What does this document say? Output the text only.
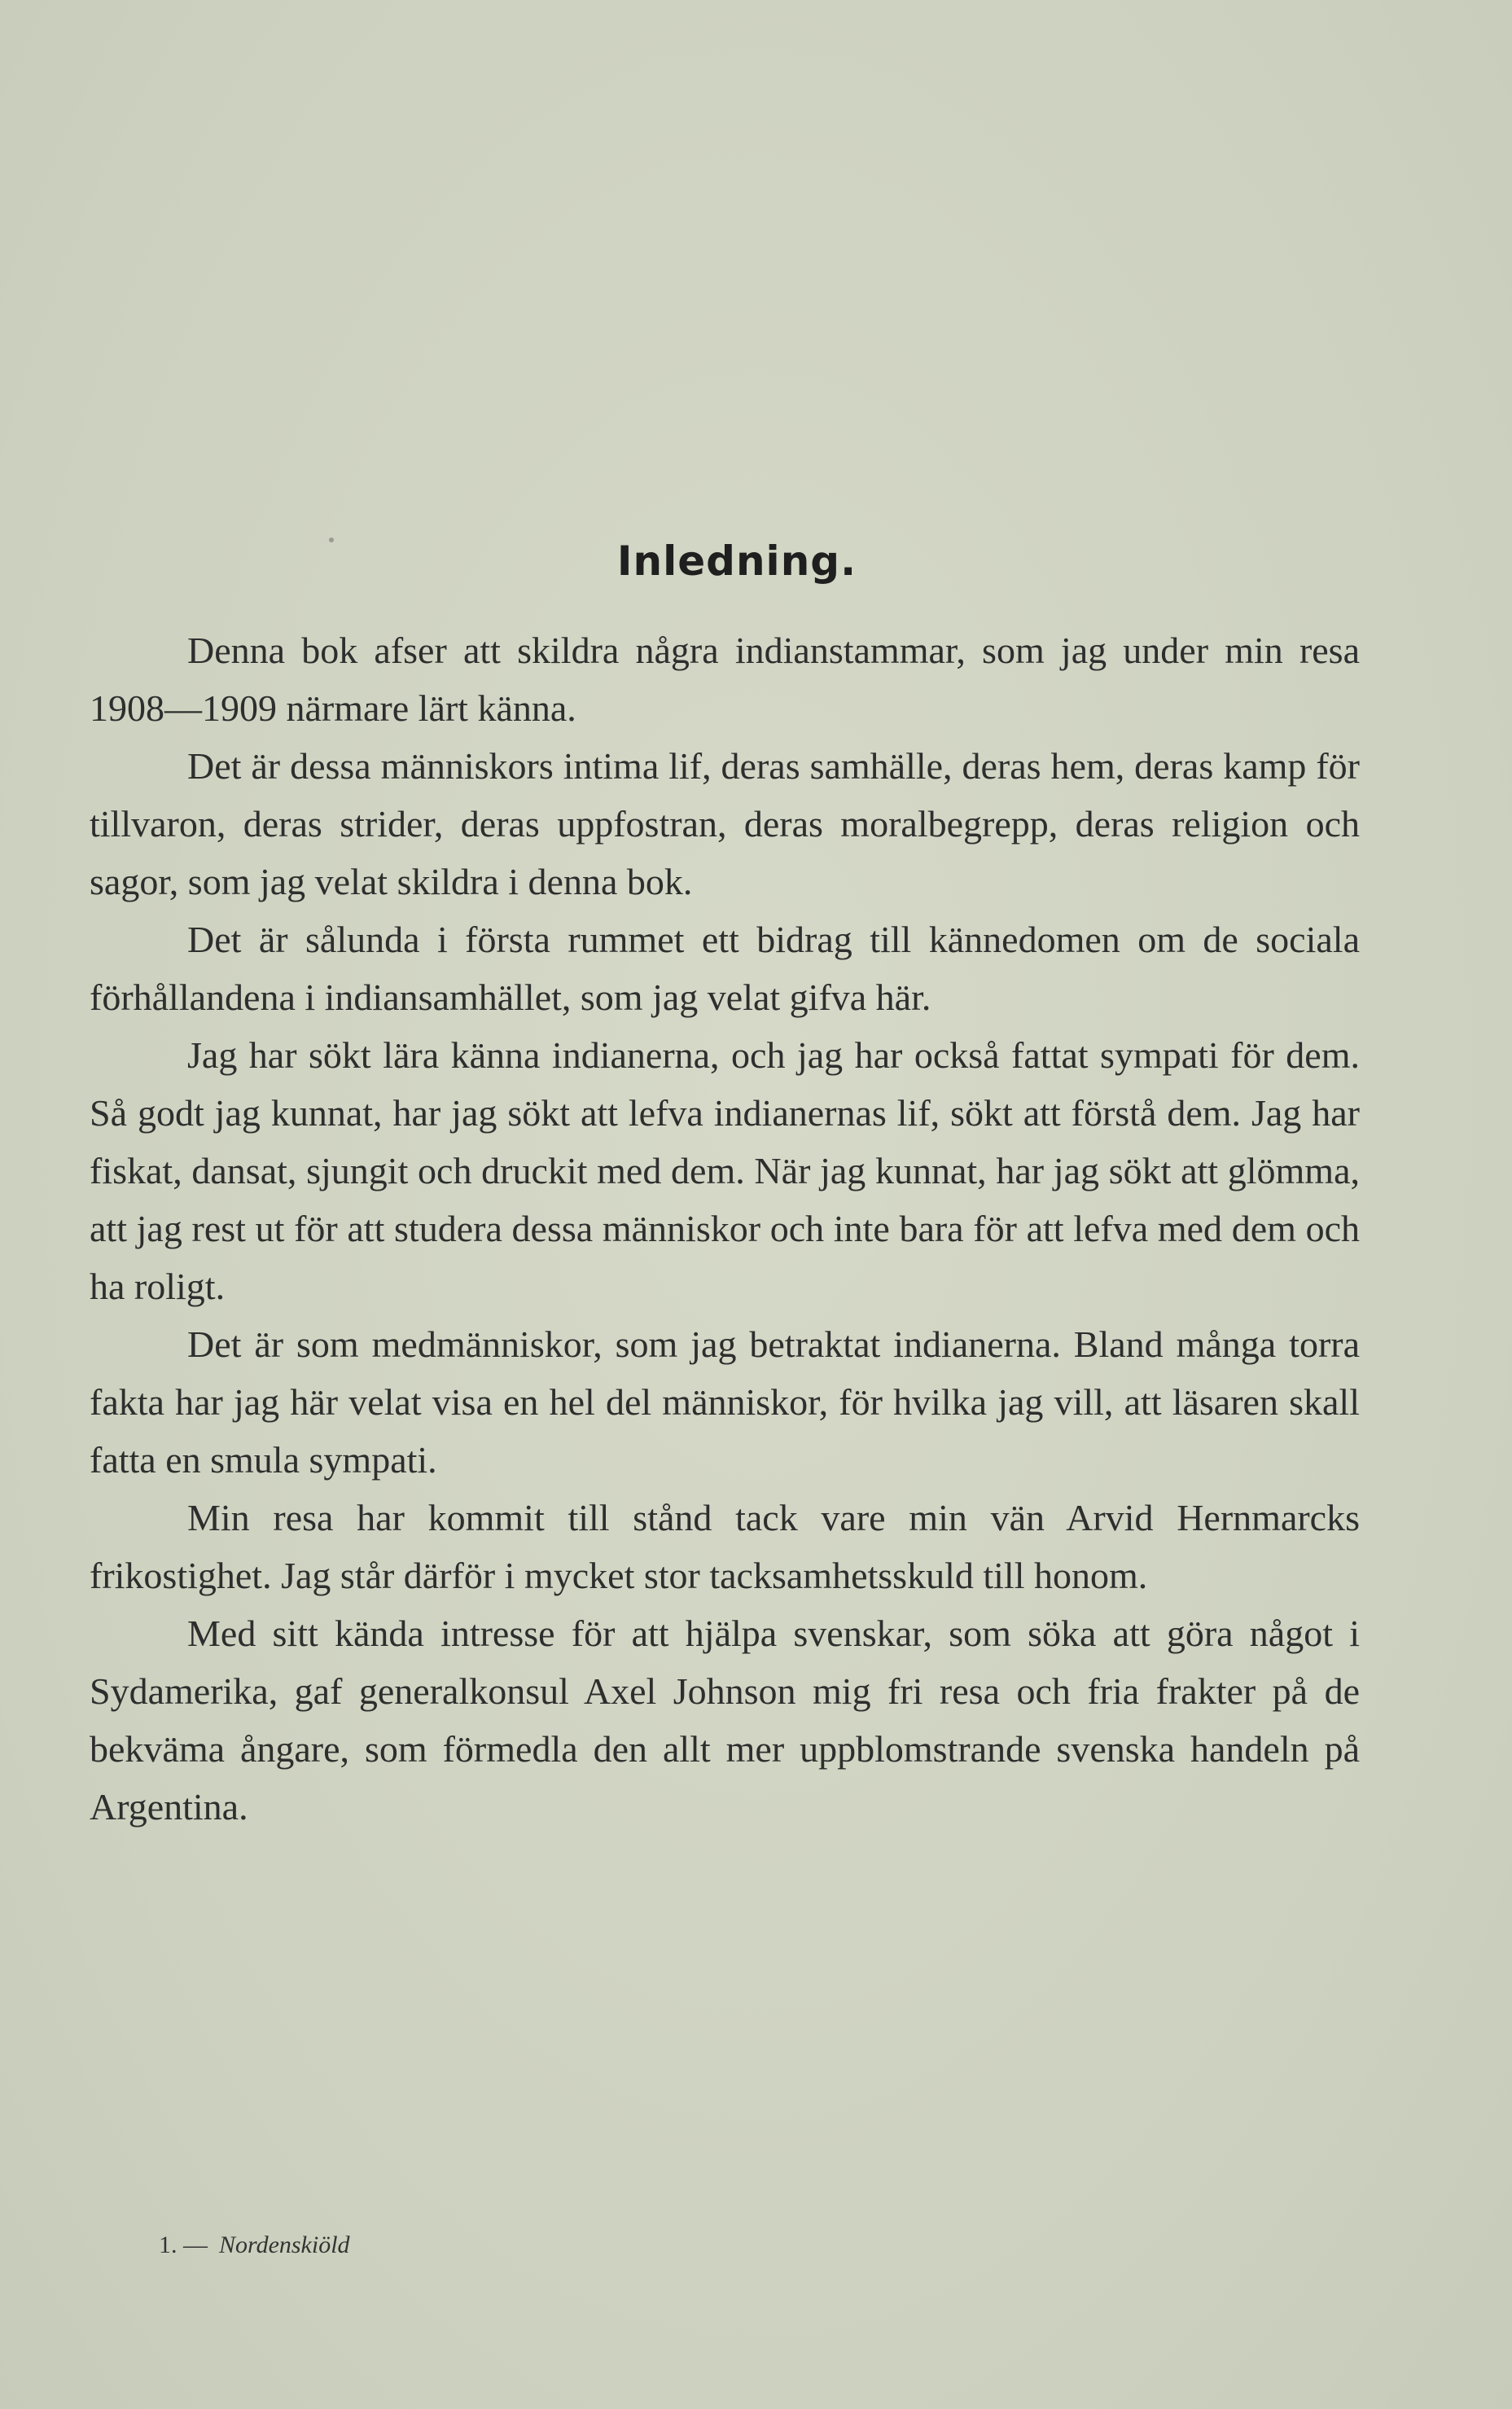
Inledning.

Denna bok afser att skildra några indianstammar, som jag under min resa 1908—1909 närmare lärt känna.

Det är dessa människors intima lif, deras samhälle, deras hem, deras kamp för tillvaron, deras strider, deras uppfostran, deras moralbegrepp, deras religion och sagor, som jag velat skildra i denna bok.

Det är sålunda i första rummet ett bidrag till kännedomen om de sociala förhållandena i indiansamhället, som jag velat gifva här.

Jag har sökt lära känna indianerna, och jag har också fattat sympati för dem. Så godt jag kunnat, har jag sökt att lefva indianernas lif, sökt att förstå dem. Jag har fiskat, dansat, sjungit och druckit med dem. När jag kunnat, har jag sökt att glömma, att jag rest ut för att studera dessa människor och inte bara för att lefva med dem och ha roligt.

Det är som medmänniskor, som jag betraktat indianerna. Bland många torra fakta har jag här velat visa en hel del människor, för hvilka jag vill, att läsaren skall fatta en smula sympati.

Min resa har kommit till stånd tack vare min vän Arvid Hernmarcks frikostighet. Jag står därför i mycket stor tacksamhetsskuld till honom.

Med sitt kända intresse för att hjälpa svenskar, som söka att göra något i Sydamerika, gaf generalkonsul Axel Johnson mig fri resa och fria frakter på de bekväma ångare, som förmedla den allt mer uppblomstrande svenska handeln på Argentina.

1. — Nordenskiöld
